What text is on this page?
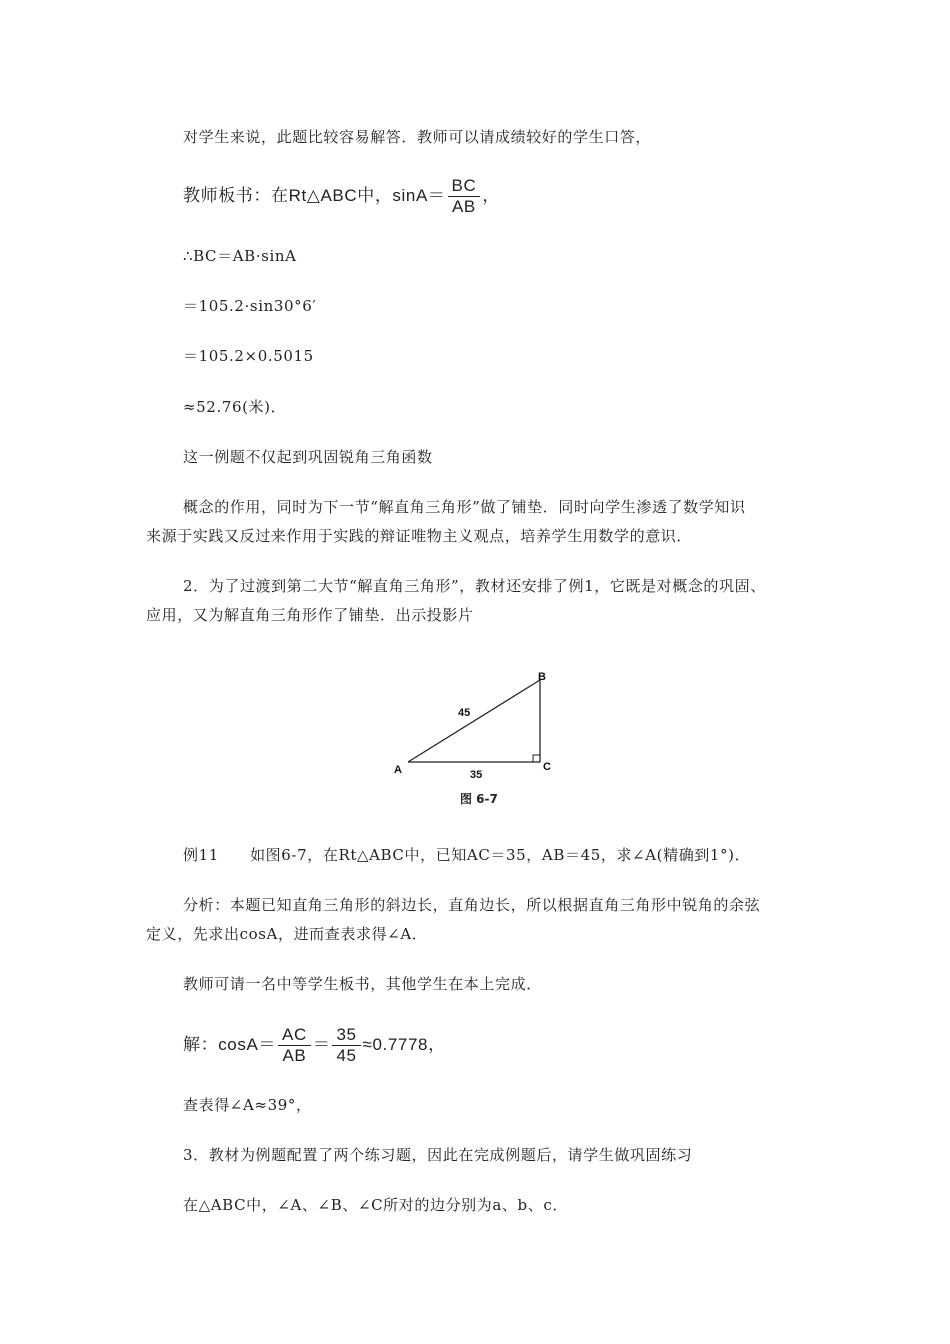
对学生来说，此题比较容易解答．教师可以请成绩较好的学生口答，
教师板书：在Rt△ABC中，$\sin A= \frac{BC}{AB}$ ，
∴BC＝AB·sinA
＝105.2·sin30°6′
＝105.2×0.5015
≈52.76(米)．
这一例题不仅起到巩固锐角三角函数
概念的作用，同时为下一节“解直角三角形”做了铺垫．同时向学生渗透了数学知识
来源于实践又反过来作用于实践的辩证唯物主义观点，培养学生用数学的意识．
2．为了过渡到第二大节“解直角三角形”，教材还安排了例1，它既是对概念的巩固、
应用，又为解直角三角形作了铺垫．出示投影片
A
B
C
45
35
图 6-7
例11　　如图6-7，在Rt△ABC中，已知AC＝35，AB＝45，求∠A(精确到1°)．
分析：本题已知直角三角形的斜边长，直角边长，所以根据直角三角形中锐角的余弦
定义，先求出cosA，进而查表求得∠A．
教师可请一名中等学生板书，其他学生在本上完成．
解：$\cos A= \frac{AC}{AB} = \frac{35}{45} \approx 0.7778$，
查表得∠A≈39°，
3．教材为例题配置了两个练习题，因此在完成例题后，请学生做巩固练习
在△ABC中，∠A、∠B、∠C所对的边分别为a、b、c．
